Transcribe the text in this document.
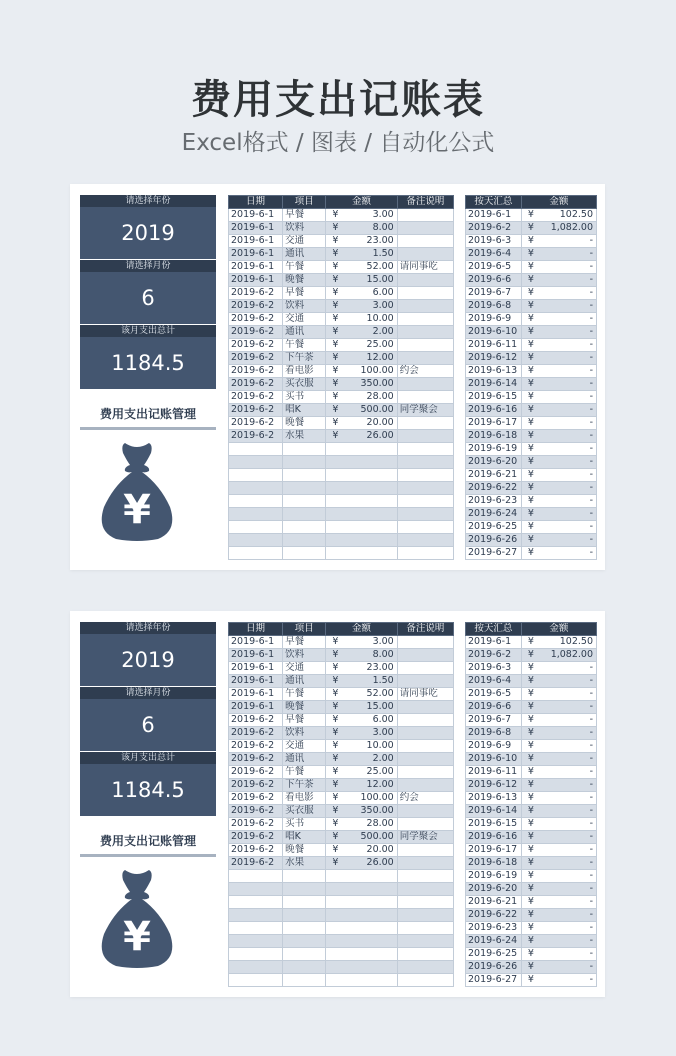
费用支出记账表
Excel格式 / 图表 / 自动化公式
请选择年份
2019
请选择月份
6
该月支出总计
1184.5
费用支出记账管理
¥
日期	项目	金额	备注说明
2019-6-1	早餐	¥ 3.00	

2019-6-1	饮料	¥ 8.00	

2019-6-1	交通	¥ 23.00	

2019-6-1	通讯	¥ 1.50	

2019-6-1	午餐	¥ 52.00	请同事吃
2019-6-1	晚餐	¥ 15.00	

2019-6-2	早餐	¥ 6.00	

2019-6-2	饮料	¥ 3.00	

2019-6-2	交通	¥ 10.00	

2019-6-2	通讯	¥ 2.00	

2019-6-2	午餐	¥ 25.00	

2019-6-2	下午茶	¥ 12.00	

2019-6-2	看电影	¥ 100.00	约会
2019-6-2	买衣服	¥ 350.00	

2019-6-2	买书	¥ 28.00	

2019-6-2	唱K	¥ 500.00	同学聚会
2019-6-2	晚餐	¥ 20.00	

2019-6-2	水果	¥ 26.00	

按天汇总	金额
2019-6-1	¥ 102.50

2019-6-2	¥ 1,082.00

2019-6-3	¥ -

2019-6-4	¥ -

2019-6-5	¥ -

2019-6-6	¥ -

2019-6-7	¥ -

2019-6-8	¥ -

2019-6-9	¥ -

2019-6-10	¥ -

2019-6-11	¥ -

2019-6-12	¥ -

2019-6-13	¥ -

2019-6-14	¥ -

2019-6-15	¥ -

2019-6-16	¥ -

2019-6-17	¥ -

2019-6-18	¥ -

2019-6-19	¥ -

2019-6-20	¥ -

2019-6-21	¥ -

2019-6-22	¥ -

2019-6-23	¥ -

2019-6-24	¥ -

2019-6-25	¥ -

2019-6-26	¥ -

2019-6-27	¥ -
请选择年份
2019
请选择月份
6
该月支出总计
1184.5
费用支出记账管理
¥
日期	项目	金额	备注说明
2019-6-1	早餐	¥ 3.00	

2019-6-1	饮料	¥ 8.00	

2019-6-1	交通	¥ 23.00	

2019-6-1	通讯	¥ 1.50	

2019-6-1	午餐	¥ 52.00	请同事吃
2019-6-1	晚餐	¥ 15.00	

2019-6-2	早餐	¥ 6.00	

2019-6-2	饮料	¥ 3.00	

2019-6-2	交通	¥ 10.00	

2019-6-2	通讯	¥ 2.00	

2019-6-2	午餐	¥ 25.00	

2019-6-2	下午茶	¥ 12.00	

2019-6-2	看电影	¥ 100.00	约会
2019-6-2	买衣服	¥ 350.00	

2019-6-2	买书	¥ 28.00	

2019-6-2	唱K	¥ 500.00	同学聚会
2019-6-2	晚餐	¥ 20.00	

2019-6-2	水果	¥ 26.00	

按天汇总	金额
2019-6-1	¥ 102.50

2019-6-2	¥ 1,082.00

2019-6-3	¥ -

2019-6-4	¥ -

2019-6-5	¥ -

2019-6-6	¥ -

2019-6-7	¥ -

2019-6-8	¥ -

2019-6-9	¥ -

2019-6-10	¥ -

2019-6-11	¥ -

2019-6-12	¥ -

2019-6-13	¥ -

2019-6-14	¥ -

2019-6-15	¥ -

2019-6-16	¥ -

2019-6-17	¥ -

2019-6-18	¥ -

2019-6-19	¥ -

2019-6-20	¥ -

2019-6-21	¥ -

2019-6-22	¥ -

2019-6-23	¥ -

2019-6-24	¥ -

2019-6-25	¥ -

2019-6-26	¥ -

2019-6-27	¥ -
